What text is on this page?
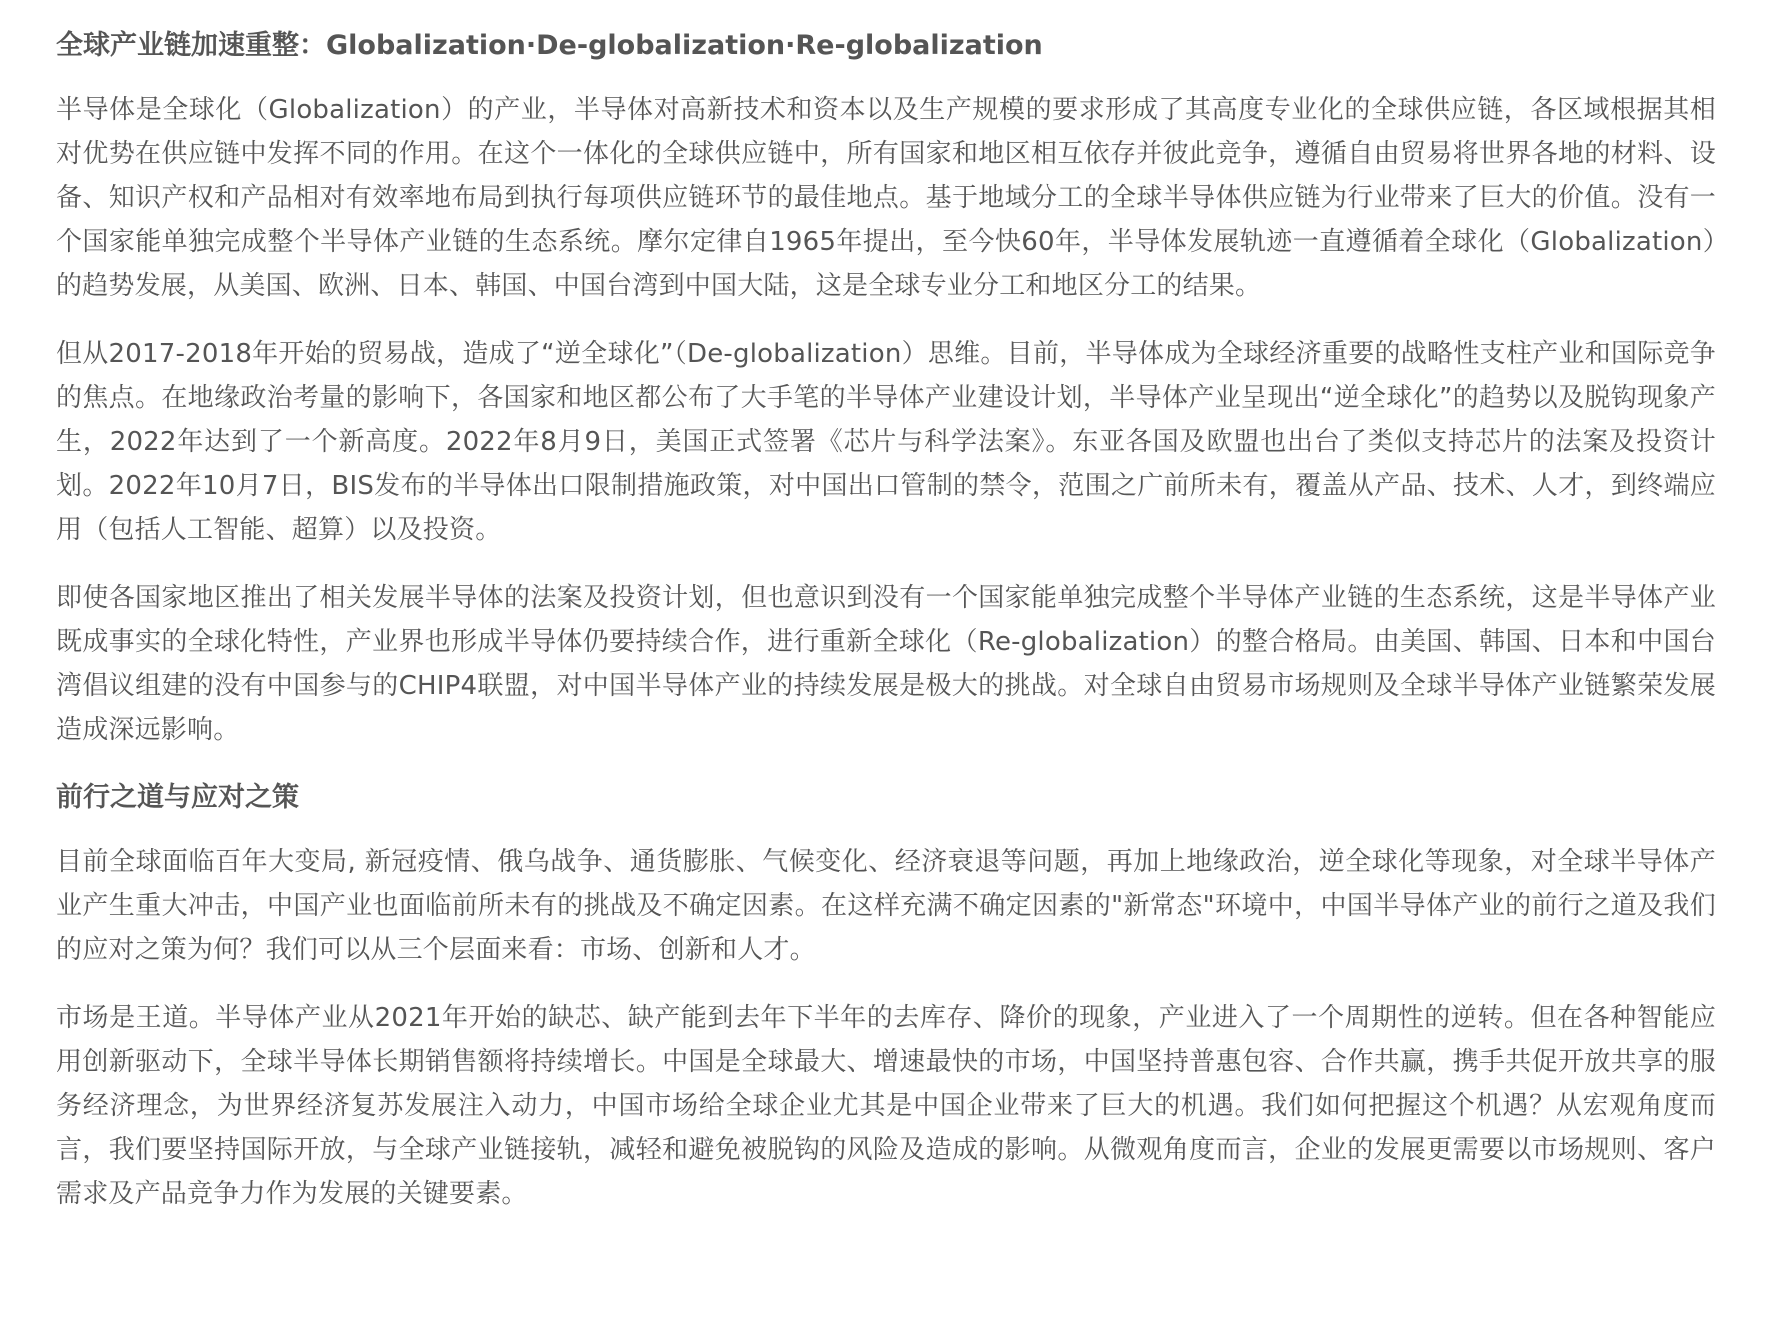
全球产业链加速重整：Globalization·De-globalization·Re-globalization

半导体是全球化（Globalization）的产业，半导体对高新技术和资本以及生产规模的要求形成了其高度专业化的全球供应链，各区域根据其相对优势在供应链中发挥不同的作用。在这个一体化的全球供应链中，所有国家和地区相互依存并彼此竞争，遵循自由贸易将世界各地的材料、设备、知识产权和产品相对有效率地布局到执行每项供应链环节的最佳地点。基于地域分工的全球半导体供应链为行业带来了巨大的价值。没有一个国家能单独完成整个半导体产业链的生态系统。摩尔定律自1965年提出，至今快60年，半导体发展轨迹一直遵循着全球化（Globalization）的趋势发展，从美国、欧洲、日本、韩国、中国台湾到中国大陆，这是全球专业分工和地区分工的结果。

但从2017-2018年开始的贸易战，造成了“逆全球化”（De-globalization）思维。目前，半导体成为全球经济重要的战略性支柱产业和国际竞争的焦点。在地缘政治考量的影响下，各国家和地区都公布了大手笔的半导体产业建设计划，半导体产业呈现出“逆全球化”的趋势以及脱钩现象产生，2022年达到了一个新高度。2022年8月9日，美国正式签署《芯片与科学法案》。东亚各国及欧盟也出台了类似支持芯片的法案及投资计划。2022年10月7日，BIS发布的半导体出口限制措施政策，对中国出口管制的禁令，范围之广前所未有，覆盖从产品、技术、人才，到终端应用（包括人工智能、超算）以及投资。

即使各国家地区推出了相关发展半导体的法案及投资计划，但也意识到没有一个国家能单独完成整个半导体产业链的生态系统，这是半导体产业既成事实的全球化特性，产业界也形成半导体仍要持续合作，进行重新全球化（Re-globalization）的整合格局。由美国、韩国、日本和中国台湾倡议组建的没有中国参与的CHIP4联盟，对中国半导体产业的持续发展是极大的挑战。对全球自由贸易市场规则及全球半导体产业链繁荣发展造成深远影响。

前行之道与应对之策

目前全球面临百年大变局, 新冠疫情、俄乌战争、通货膨胀、气候变化、经济衰退等问题，再加上地缘政治，逆全球化等现象，对全球半导体产业产生重大冲击，中国产业也面临前所未有的挑战及不确定因素。在这样充满不确定因素的"新常态"环境中，中国半导体产业的前行之道及我们的应对之策为何？我们可以从三个层面来看：市场、创新和人才。

市场是王道。半导体产业从2021年开始的缺芯、缺产能到去年下半年的去库存、降价的现象，产业进入了一个周期性的逆转。但在各种智能应用创新驱动下，全球半导体长期销售额将持续增长。中国是全球最大、增速最快的市场，中国坚持普惠包容、合作共赢，携手共促开放共享的服务经济理念，为世界经济复苏发展注入动力，中国市场给全球企业尤其是中国企业带来了巨大的机遇。我们如何把握这个机遇？从宏观角度而言，我们要坚持国际开放，与全球产业链接轨，减轻和避免被脱钩的风险及造成的影响。从微观角度而言，企业的发展更需要以市场规则、客户需求及产品竞争力作为发展的关键要素。
